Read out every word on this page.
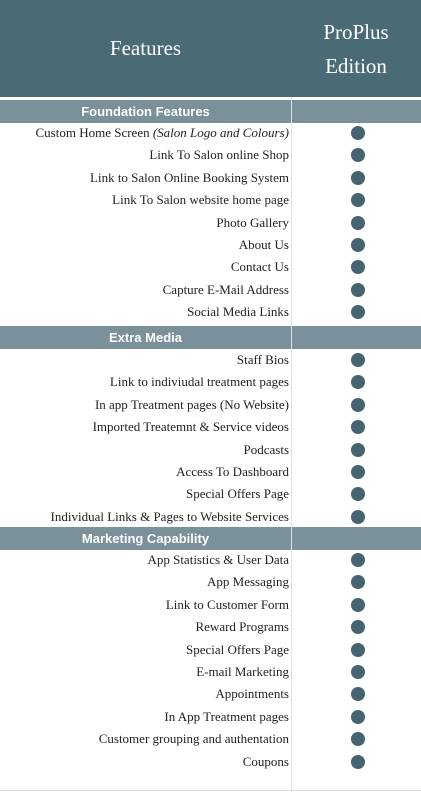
Features
ProPlus Edition
Foundation Features
Custom Home Screen (Salon Logo and Colours)
Link To Salon online Shop
Link to Salon Online Booking System
Link To Salon website home page
Photo Gallery
About Us
Contact Us
Capture E-Mail Address
Social Media Links
Extra Media
Staff Bios
Link to indiviudal treatment pages
In app Treatment pages (No Website)
Imported Treatemnt & Service videos
Podcasts
Access To Dashboard
Special Offers Page
Individual Links & Pages to Website Services
Marketing Capability
App Statistics & User Data
App Messaging
Link to Customer Form
Reward Programs
Special Offers Page
E-mail Marketing
Appointments
In App Treatment pages
Customer grouping and authentation
Coupons
